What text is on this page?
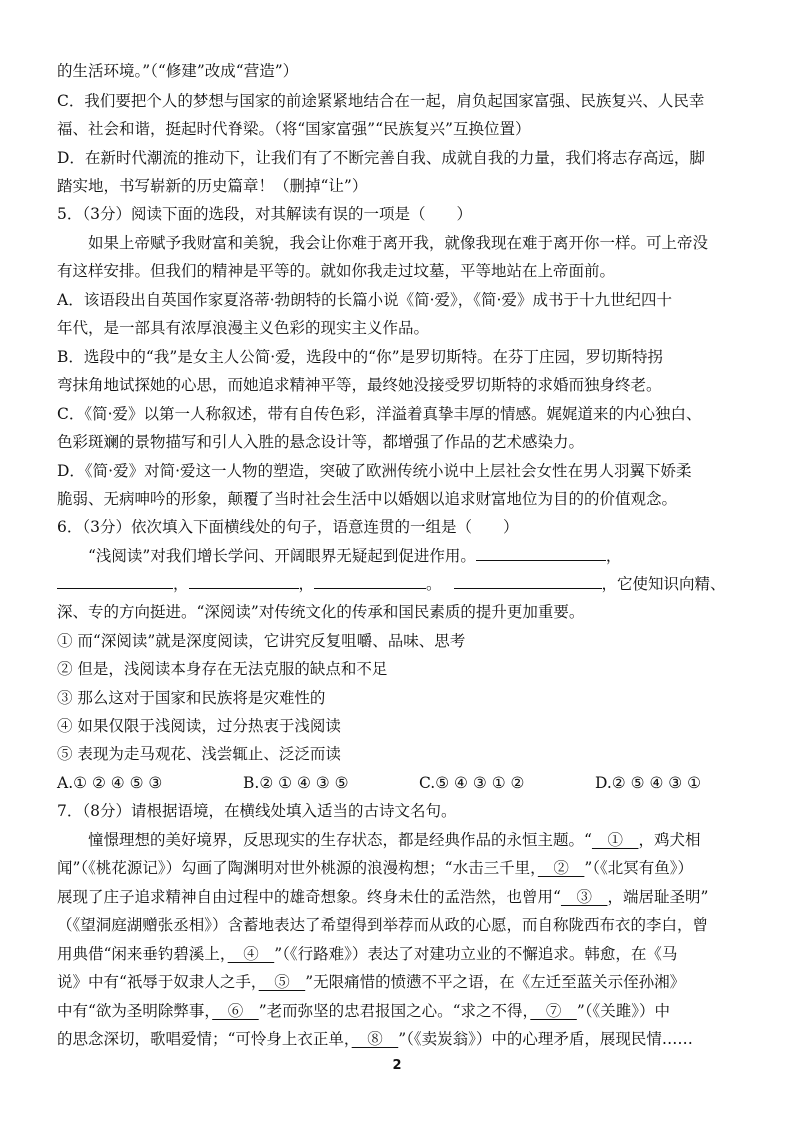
的生活环境。”（“修建”改成“营造”）
C．我们要把个人的梦想与国家的前途紧紧地结合在一起，肩负起国家富强、民族复兴、人民幸
福、社会和谐，挺起时代脊梁。（将“国家富强”“民族复兴”互换位置）
D．在新时代潮流的推动下，让我们有了不断完善自我、成就自我的力量，我们将志存高远，脚
踏实地，书写崭新的历史篇章！（删掉“让”）
5．（3分）阅读下面的选段，对其解读有误的一项是（　　）
如果上帝赋予我财富和美貌，我会让你难于离开我，就像我现在难于离开你一样。可上帝没
有这样安排。但我们的精神是平等的。就如你我走过坟墓，平等地站在上帝面前。
A．该语段出自英国作家夏洛蒂·勃朗特的长篇小说《简·爱》，《简·爱》成书于十九世纪四十
年代，是一部具有浓厚浪漫主义色彩的现实主义作品。
B．选段中的“我”是女主人公简·爱，选段中的“你”是罗切斯特。在芬丁庄园，罗切斯特拐
弯抹角地试探她的心思，而她追求精神平等，最终她没接受罗切斯特的求婚而独身终老。
C．《简·爱》以第一人称叙述，带有自传色彩，洋溢着真挚丰厚的情感。娓娓道来的内心独白、
色彩斑斓的景物描写和引人入胜的悬念设计等，都增强了作品的艺术感染力。
D．《简·爱》对简·爱这一人物的塑造，突破了欧洲传统小说中上层社会女性在男人羽翼下娇柔
脆弱、无病呻吟的形象，颠覆了当时社会生活中以婚姻以追求财富地位为目的的价值观念。
6．（3分）依次填入下面横线处的句子，语意连贯的一组是（　　）
“浅阅读”对我们增长学问、开阔眼界无疑起到促进作用。	，
，	，	。	，它使知识向精、
深、专的方向挺进。“深阅读”对传统文化的传承和国民素质的提升更加重要。
① 而“深阅读”就是深度阅读，它讲究反复咀嚼、品味、思考
② 但是，浅阅读本身存在无法克服的缺点和不足
③ 那么这对于国家和民族将是灾难性的
④ 如果仅限于浅阅读，过分热衷于浅阅读
⑤ 表现为走马观花、浅尝辄止、泛泛而读
A.① ② ④ ⑤ ③	B.② ① ④ ③ ⑤	C.⑤ ④ ③ ① ②	D.② ⑤ ④ ③ ①
7．（8分）请根据语境，在横线处填入适当的古诗文名句。
憧憬理想的美好境界，反思现实的生存状态，都是经典作品的永恒主题。“　①　，鸡犬相
闻”（《桃花源记》）勾画了陶渊明对世外桃源的浪漫构想；“水击三千里，　②　”（《北冥有鱼》）
展现了庄子追求精神自由过程中的雄奇想象。终身未仕的孟浩然，也曾用“　③　，端居耻圣明”
（《望洞庭湖赠张丞相》）含蓄地表达了希望得到举荐而从政的心愿，而自称陇西布衣的李白，曾
用典借“闲来垂钓碧溪上，　④　”（《行路难》）表达了对建功立业的不懈追求。韩愈，在《马
说》中有“祇辱于奴隶人之手，　⑤　”无限痛惜的愤懑不平之语，在《左迁至蓝关示侄孙湘》
中有“欲为圣明除弊事，　⑥　”老而弥坚的忠君报国之心。“求之不得，　⑦　”（《关雎》）中
的思念深切，歌唱爱情；“可怜身上衣正单，　⑧　”（《卖炭翁》）中的心理矛盾，展现民情……
2
